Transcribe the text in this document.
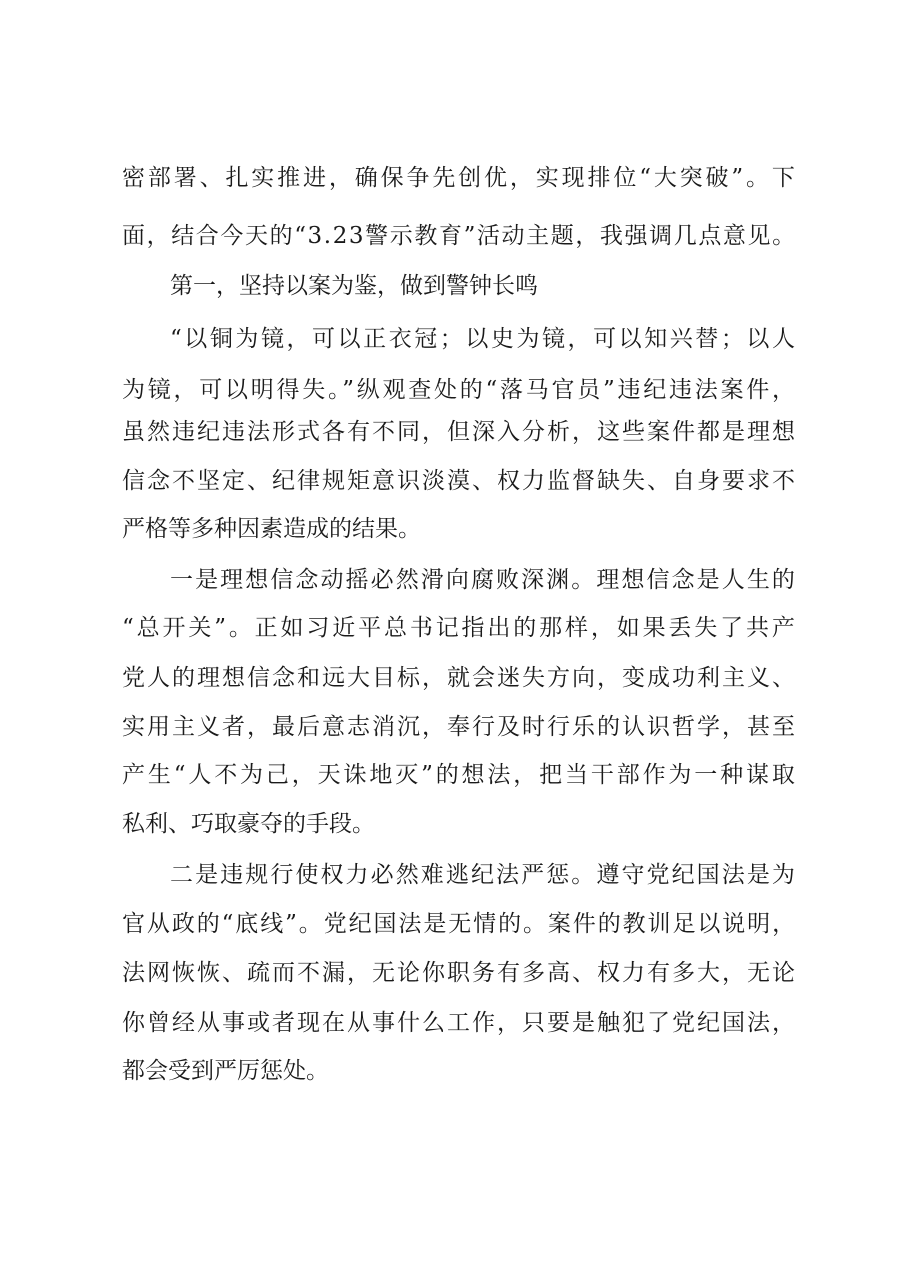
密部署、扎实推进，确保争先创优，实现排位“大突破”。下
面，结合今天的“3.23警示教育”活动主题，我强调几点意见。
第一，坚持以案为鉴，做到警钟长鸣
“以铜为镜，可以正衣冠；以史为镜，可以知兴替；以人
为镜，可以明得失。”纵观查处的“落马官员”违纪违法案件，
虽然违纪违法形式各有不同，但深入分析，这些案件都是理想
信念不坚定、纪律规矩意识淡漠、权力监督缺失、自身要求不
严格等多种因素造成的结果。
一是理想信念动摇必然滑向腐败深渊。理想信念是人生的
“总开关”。正如习近平总书记指出的那样，如果丢失了共产
党人的理想信念和远大目标，就会迷失方向，变成功利主义、
实用主义者，最后意志消沉，奉行及时行乐的认识哲学，甚至
产生“人不为己，天诛地灭”的想法，把当干部作为一种谋取
私利、巧取豪夺的手段。
二是违规行使权力必然难逃纪法严惩。遵守党纪国法是为
官从政的“底线”。党纪国法是无情的。案件的教训足以说明，
法网恢恢、疏而不漏，无论你职务有多高、权力有多大，无论
你曾经从事或者现在从事什么工作，只要是触犯了党纪国法，
都会受到严厉惩处。
